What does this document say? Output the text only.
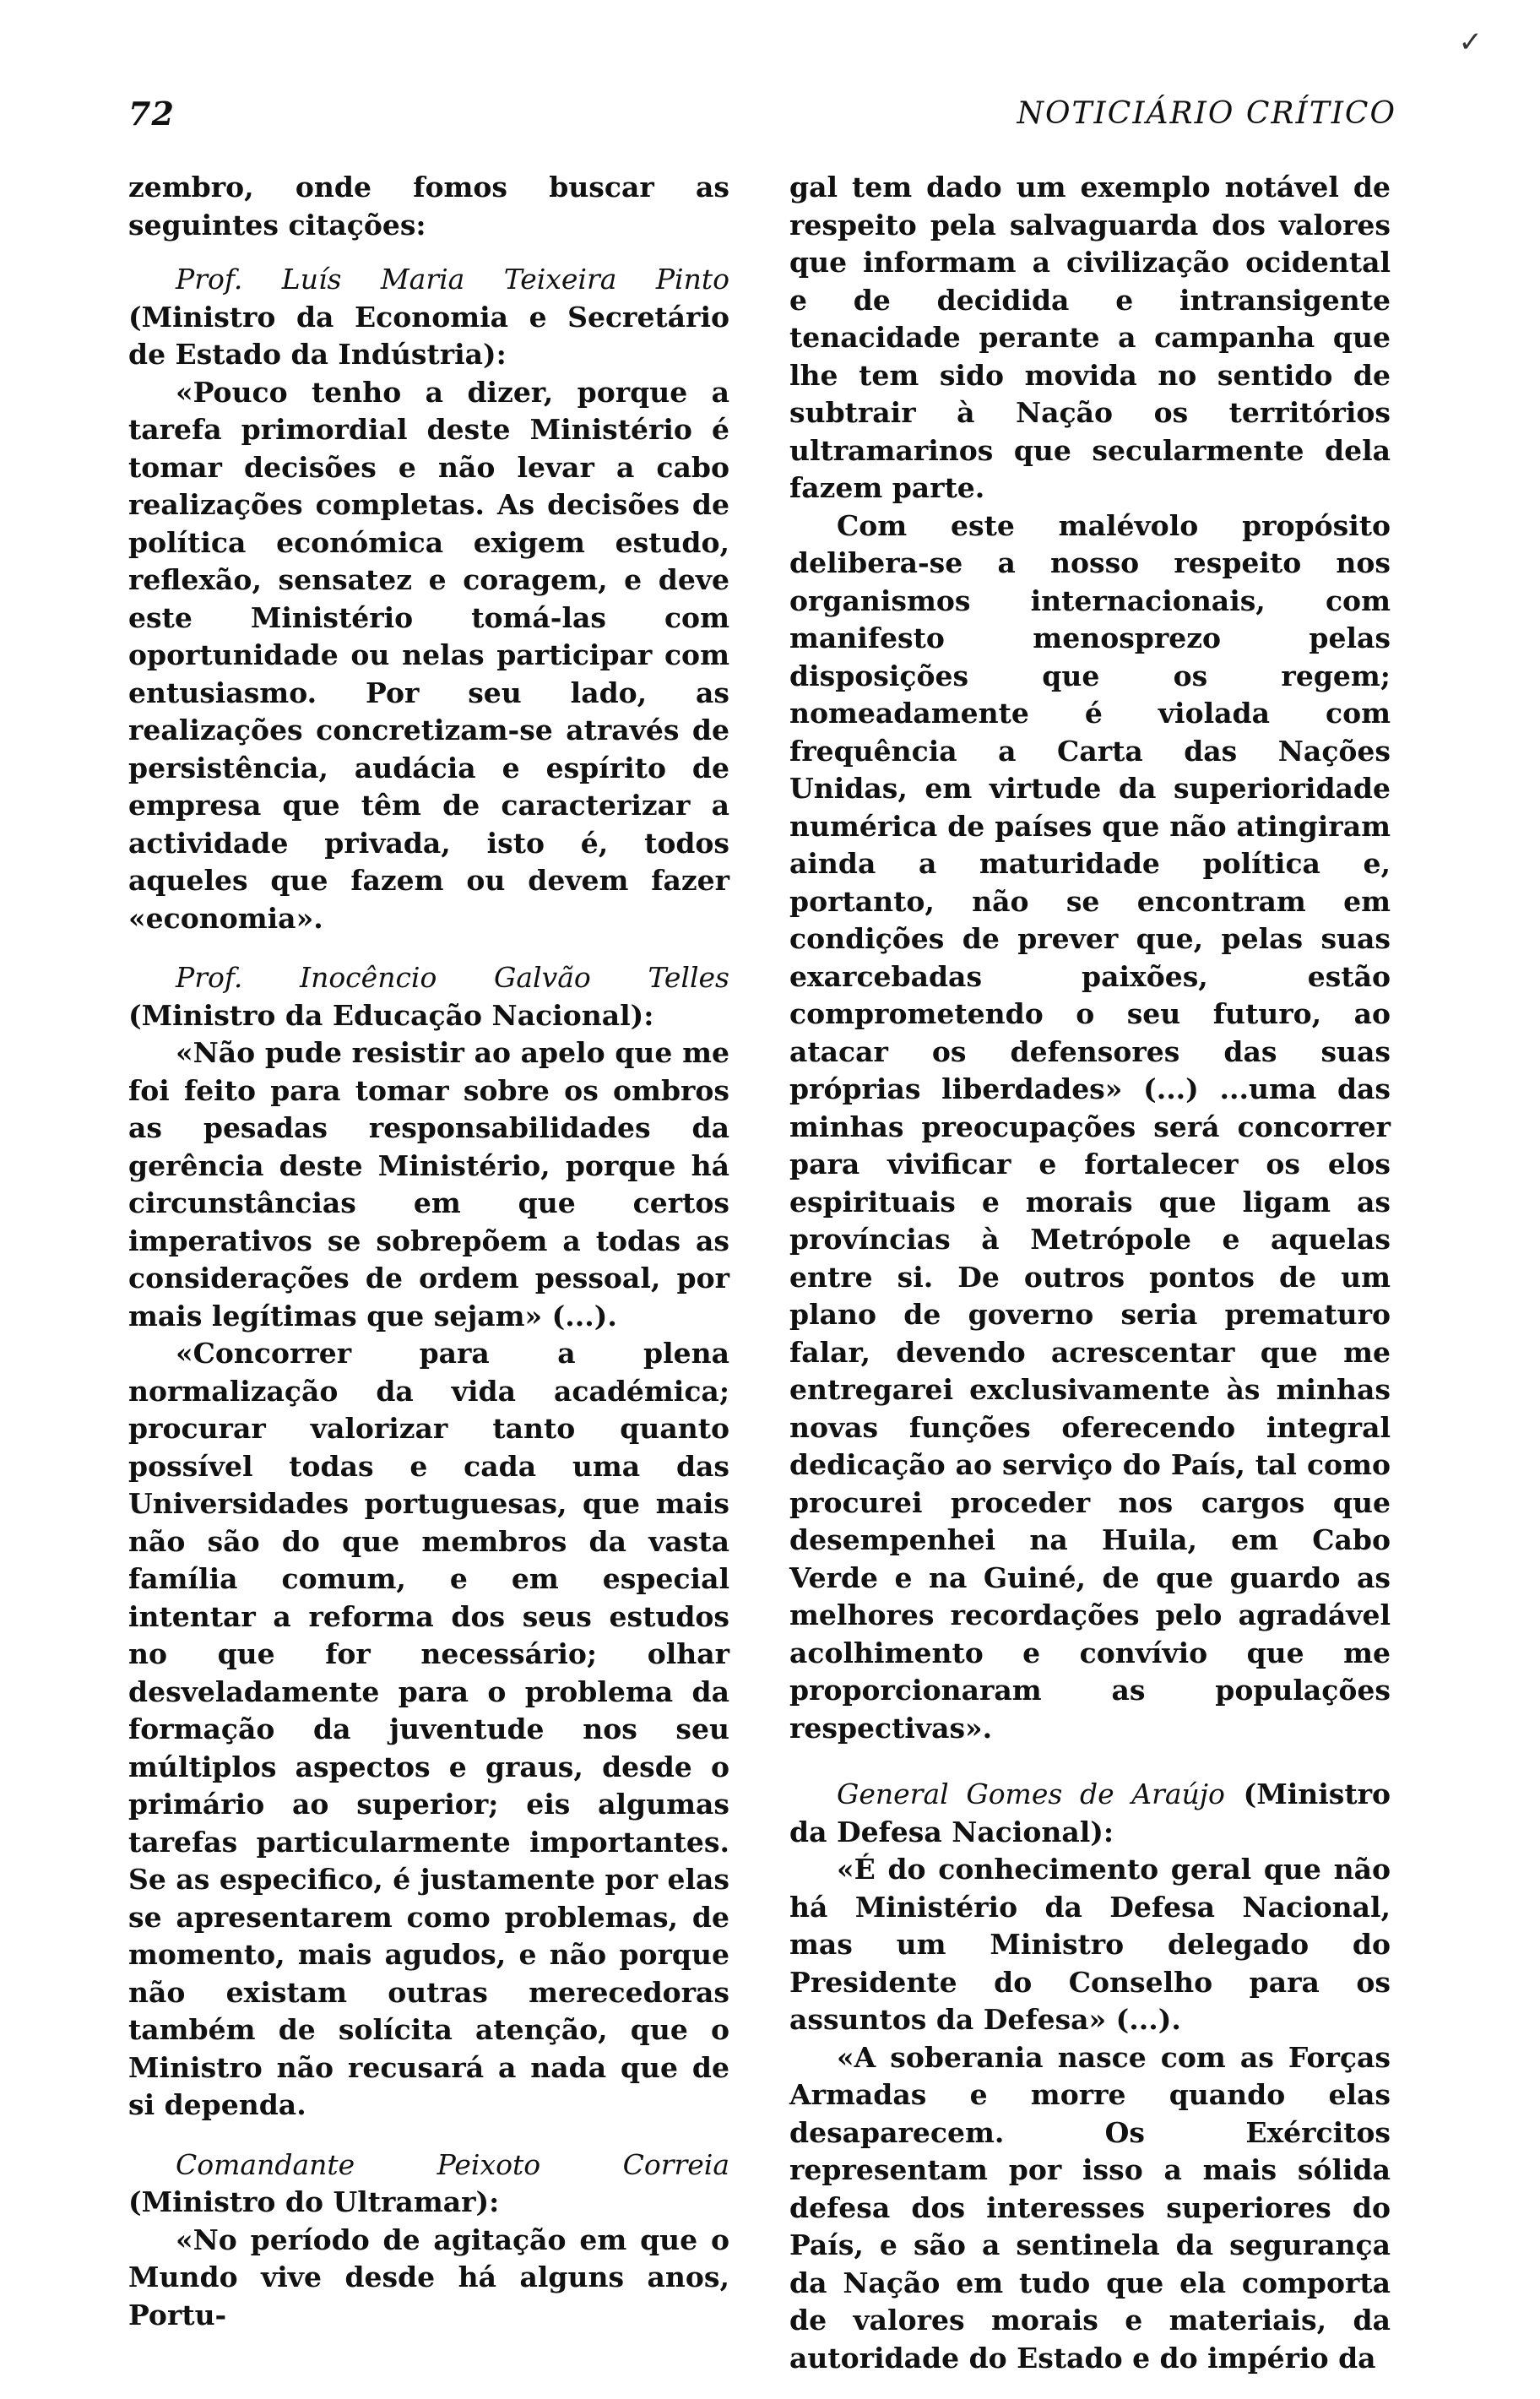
✓
72	NOTICIÁRIO CRÍTICO

zembro, onde fomos buscar as seguintes citações:

Prof. Luís Maria Teixeira Pinto (Ministro da Economia e Secretário de Estado da Indústria):

«Pouco tenho a dizer, porque a tarefa primordial deste Ministério é tomar decisões e não levar a cabo realizações completas. As decisões de política económica exigem estudo, reflexão, sensatez e coragem, e deve este Ministério tomá-las com oportunidade ou nelas participar com entusiasmo. Por seu lado, as realizações concretizam-se através de persistência, audácia e espírito de empresa que têm de caracterizar a actividade privada, isto é, todos aqueles que fazem ou devem fazer «economia».

Prof. Inocêncio Galvão Telles (Ministro da Educação Nacional):

«Não pude resistir ao apelo que me foi feito para tomar sobre os ombros as pesadas responsabilidades da gerência deste Ministério, porque há circunstâncias em que certos imperativos se sobrepõem a todas as considerações de ordem pessoal, por mais legítimas que sejam» (...).

«Concorrer para a plena normalização da vida académica; procurar valorizar tanto quanto possível todas e cada uma das Universidades portuguesas, que mais não são do que membros da vasta família comum, e em especial intentar a reforma dos seus estudos no que for necessário; olhar desveladamente para o problema da formação da juventude nos seu múltiplos aspectos e graus, desde o primário ao superior; eis algumas tarefas particularmente importantes. Se as especifico, é justamente por elas se apresentarem como problemas, de momento, mais agudos, e não porque não existam outras merecedoras também de solícita atenção, que o Ministro não recusará a nada que de si dependa.

Comandante Peixoto Correia (Ministro do Ultramar):

«No período de agitação em que o Mundo vive desde há alguns anos, Portu-

gal tem dado um exemplo notável de respeito pela salvaguarda dos valores que informam a civilização ocidental e de decidida e intransigente tenacidade perante a campanha que lhe tem sido movida no sentido de subtrair à Nação os territórios ultramarinos que secularmente dela fazem parte.

Com este malévolo propósito delibera-se a nosso respeito nos organismos internacionais, com manifesto menosprezo pelas disposições que os regem; nomeadamente é violada com frequência a Carta das Nações Unidas, em virtude da superioridade numérica de países que não atingiram ainda a maturidade política e, portanto, não se encontram em condições de prever que, pelas suas exarcebadas paixões, estão comprometendo o seu futuro, ao atacar os defensores das suas próprias liberdades» (...) ...uma das minhas preocupações será concorrer para vivificar e fortalecer os elos espirituais e morais que ligam as províncias à Metrópole e aquelas entre si. De outros pontos de um plano de governo seria prematuro falar, devendo acrescentar que me entregarei exclusivamente às minhas novas funções oferecendo integral dedicação ao serviço do País, tal como procurei proceder nos cargos que desempenhei na Huila, em Cabo Verde e na Guiné, de que guardo as melhores recordações pelo agradável acolhimento e convívio que me proporcionaram as populações respectivas».

General Gomes de Araújo (Ministro da Defesa Nacional):

«É do conhecimento geral que não há Ministério da Defesa Nacional, mas um Ministro delegado do Presidente do Conselho para os assuntos da Defesa» (...).

«A soberania nasce com as Forças Armadas e morre quando elas desaparecem. Os Exércitos representam por isso a mais sólida defesa dos interesses superiores do País, e são a sentinela da segurança da Nação em tudo que ela comporta de valores morais e materiais, da autoridade do Estado e do império da
